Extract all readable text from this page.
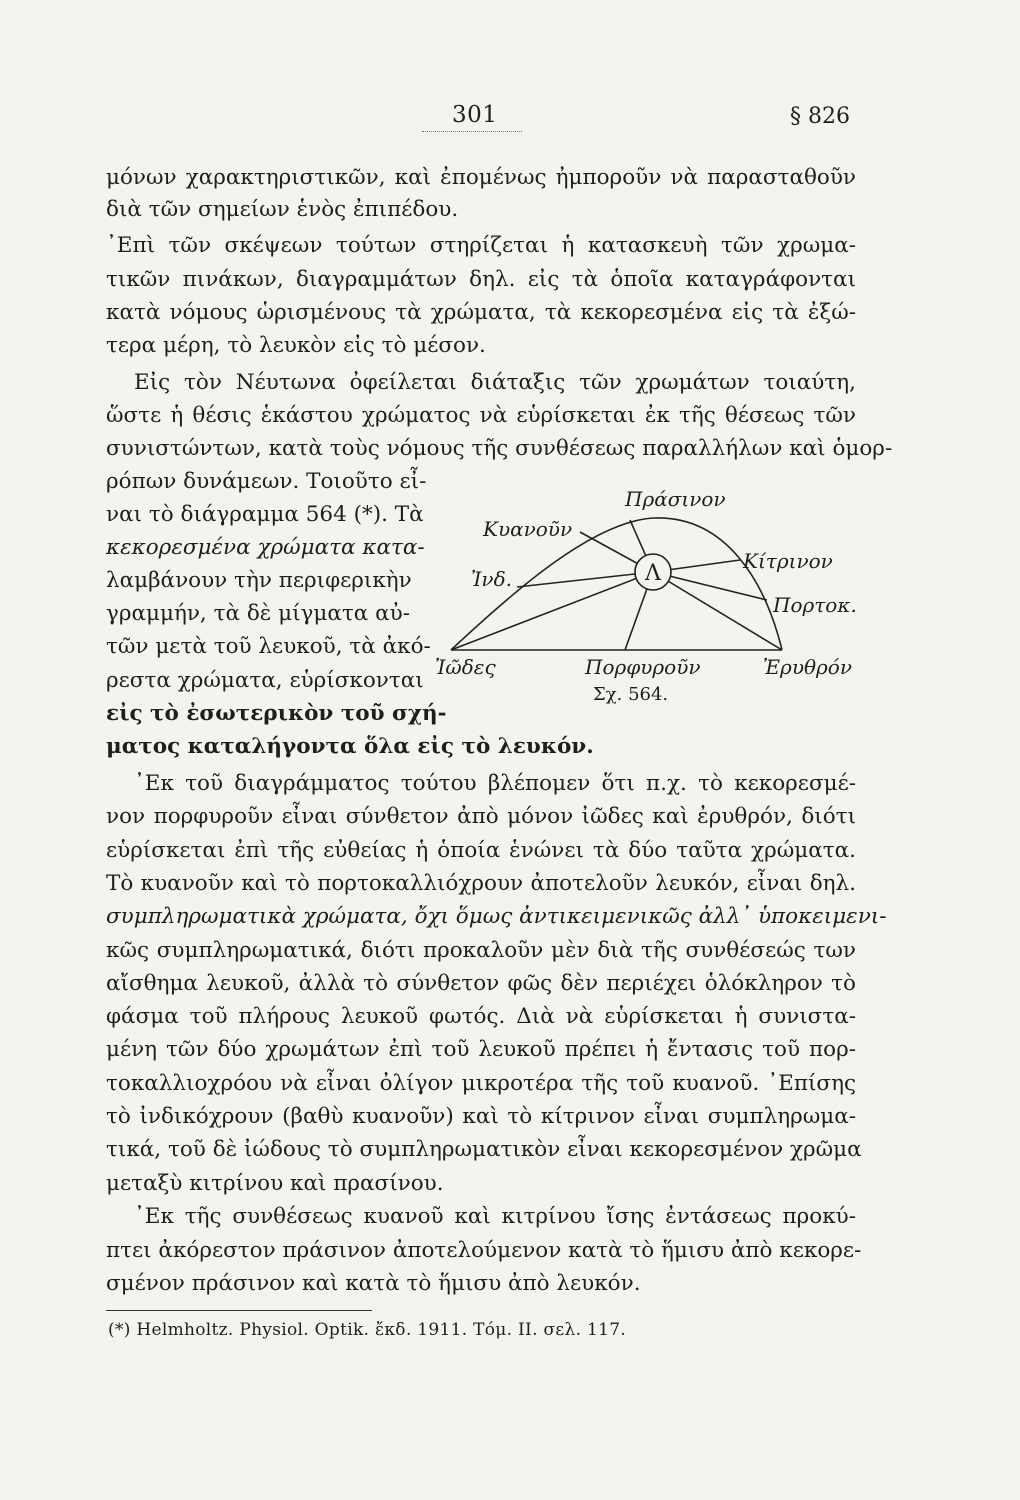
301	§ 826
μόνων χαρακτηριστικῶν, καὶ ἐπομένως ἠμποροῦν νὰ παρασταθοῦν
διὰ τῶν σημείων ἑνὸς ἐπιπέδου.
᾿Επὶ τῶν σκέψεων τούτων στηρίζεται ἡ κατασκευὴ τῶν χρωμα-
τικῶν πινάκων, διαγραμμάτων δηλ. εἰς τὰ ὁποῖα καταγράφονται
κατὰ νόμους ὡρισμένους τὰ χρώματα, τὰ κεκορεσμένα εἰς τὰ ἐξώ-
τερα μέρη, τὸ λευκὸν εἰς τὸ μέσον.
Εἰς τὸν Νέυτωνα ὀφείλεται διάταξις τῶν χρωμάτων τοιαύτη,
ὥστε ἡ θέσις ἑκάστου χρώματος νὰ εὑρίσκεται ἐκ τῆς θέσεως τῶν
συνιστώντων, κατὰ τοὺς νόμους τῆς συνθέσεως παραλλήλων καὶ ὁμορ-
ρόπων δυνάμεων. Τοιοῦτο εἶ-
ναι τὸ διάγραμμα 564 (*). Τὰ
κεκορεσμένα χρώματα κατα-
λαμβάνουν τὴν περιφερικὴν
γραμμήν, τὰ δὲ μίγματα αὐ-
τῶν μετὰ τοῦ λευκοῦ, τὰ ἀκό-
ρεστα χρώματα, εὑρίσκονται
εἰς τὸ ἐσωτερικὸν τοῦ σχή-
ματος καταλήγοντα ὅλα εἰς τὸ λευκόν.
᾿Εκ τοῦ διαγράμματος τούτου βλέπομεν ὅτι π.χ. τὸ κεκορεσμέ-
νον πορφυροῦν εἶναι σύνθετον ἀπὸ μόνον ἰῶδες καὶ ἐρυθρόν, διότι
εὑρίσκεται ἐπὶ τῆς εὐθείας ἡ ὁποία ἑνώνει τὰ δύο ταῦτα χρώματα.
Τὸ κυανοῦν καὶ τὸ πορτοκαλλιόχρουν ἀποτελοῦν λευκόν, εἶναι δηλ.
συμπληρωματικὰ χρώματα, ὄχι ὅμως ἀντικειμενικῶς ἀλλ᾿ ὑποκειμενι-
κῶς συμπληρωματικά, διότι προκαλοῦν μὲν διὰ τῆς συνθέσεώς των
αἴσθημα λευκοῦ, ἀλλὰ τὸ σύνθετον φῶς δὲν περιέχει ὁλόκληρον τὸ
φάσμα τοῦ πλήρους λευκοῦ φωτός. Διὰ νὰ εὑρίσκεται ἡ συνιστα-
μένη τῶν δύο χρωμάτων ἐπὶ τοῦ λευκοῦ πρέπει ἡ ἔντασις τοῦ πορ-
τοκαλλιοχρόου νὰ εἶναι ὀλίγον μικροτέρα τῆς τοῦ κυανοῦ. ᾿Επίσης
τὸ ἰνδικόχρουν (βαθὺ κυανοῦν) καὶ τὸ κίτρινον εἶναι συμπληρωμα-
τικά, τοῦ δὲ ἰώδους τὸ συμπληρωματικὸν εἶναι κεκορεσμένον χρῶμα
μεταξὺ κιτρίνου καὶ πρασίνου.
᾿Εκ τῆς συνθέσεως κυανοῦ καὶ κιτρίνου ἴσης ἐντάσεως προκύ-
πτει ἀκόρεστον πράσινον ἀποτελούμενον κατὰ τὸ ἥμισυ ἀπὸ κεκορε-
σμένον πράσινον καὶ κατὰ τὸ ἥμισυ ἀπὸ λευκόν.
Λ
Πράσινον
Κυανοῦν
Ἰνδ.
Κίτρινον
Πορτοκ.
Ἰῶδες	Πορφυροῦν	Ἐρυθρόν
Σχ. 564.
(*) Helmholtz. Physiol. Optik. ἔκδ. 1911. Τόμ. II. σελ. 117.
